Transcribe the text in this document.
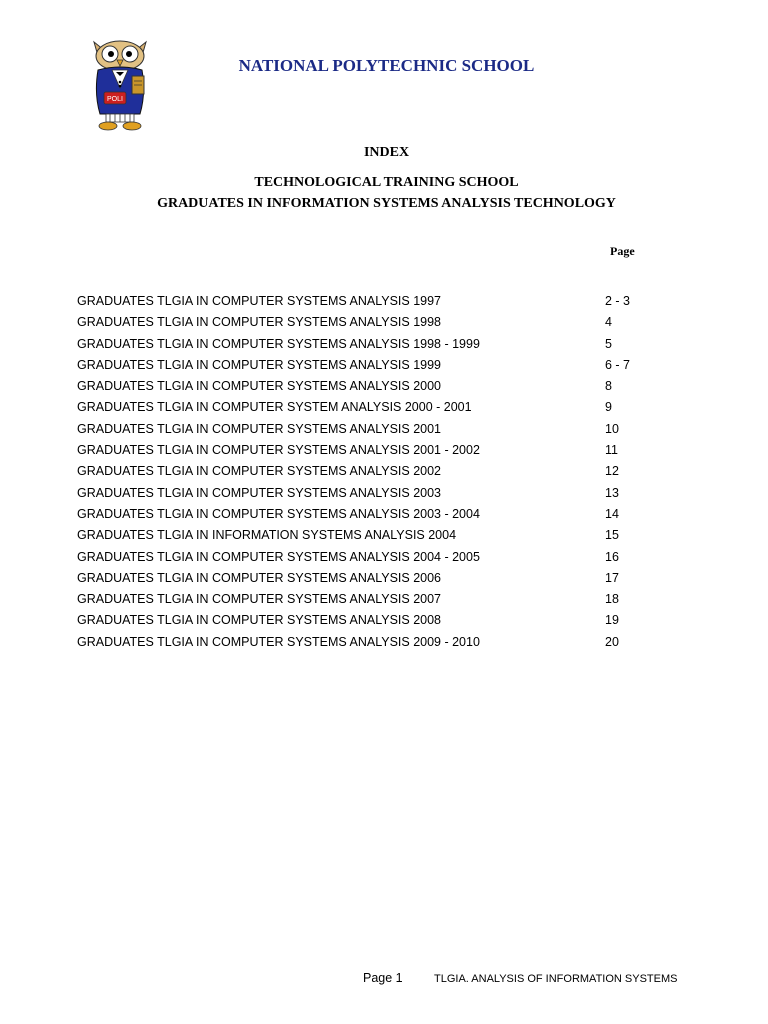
POLI
NATIONAL POLYTECHNIC SCHOOL
INDEX
TECHNOLOGICAL TRAINING SCHOOL
GRADUATES IN INFORMATION SYSTEMS ANALYSIS TECHNOLOGY
Page
GRADUATES TLGIA IN COMPUTER SYSTEMS ANALYSIS 1997	2 - 3
GRADUATES TLGIA IN COMPUTER SYSTEMS ANALYSIS 1998	4
GRADUATES TLGIA IN COMPUTER SYSTEMS ANALYSIS 1998 - 1999	5
GRADUATES TLGIA IN COMPUTER SYSTEMS ANALYSIS 1999	6 - 7
GRADUATES TLGIA IN COMPUTER SYSTEMS ANALYSIS 2000	8
GRADUATES TLGIA IN COMPUTER SYSTEM ANALYSIS 2000 - 2001	9
GRADUATES TLGIA IN COMPUTER SYSTEMS ANALYSIS 2001	10
GRADUATES TLGIA IN COMPUTER SYSTEMS ANALYSIS 2001 - 2002	11
GRADUATES TLGIA IN COMPUTER SYSTEMS ANALYSIS 2002	12
GRADUATES TLGIA IN COMPUTER SYSTEMS ANALYSIS 2003	13
GRADUATES TLGIA IN COMPUTER SYSTEMS ANALYSIS 2003 - 2004	14
GRADUATES TLGIA IN INFORMATION SYSTEMS ANALYSIS 2004	15
GRADUATES TLGIA IN COMPUTER SYSTEMS ANALYSIS 2004 - 2005	16
GRADUATES TLGIA IN COMPUTER SYSTEMS ANALYSIS 2006	17
GRADUATES TLGIA IN COMPUTER SYSTEMS ANALYSIS 2007	18
GRADUATES TLGIA IN COMPUTER SYSTEMS ANALYSIS 2008	19
GRADUATES TLGIA IN COMPUTER SYSTEMS ANALYSIS 2009 - 2010	20
Page 1	TLGIA. ANALYSIS OF INFORMATION SYSTEMS
